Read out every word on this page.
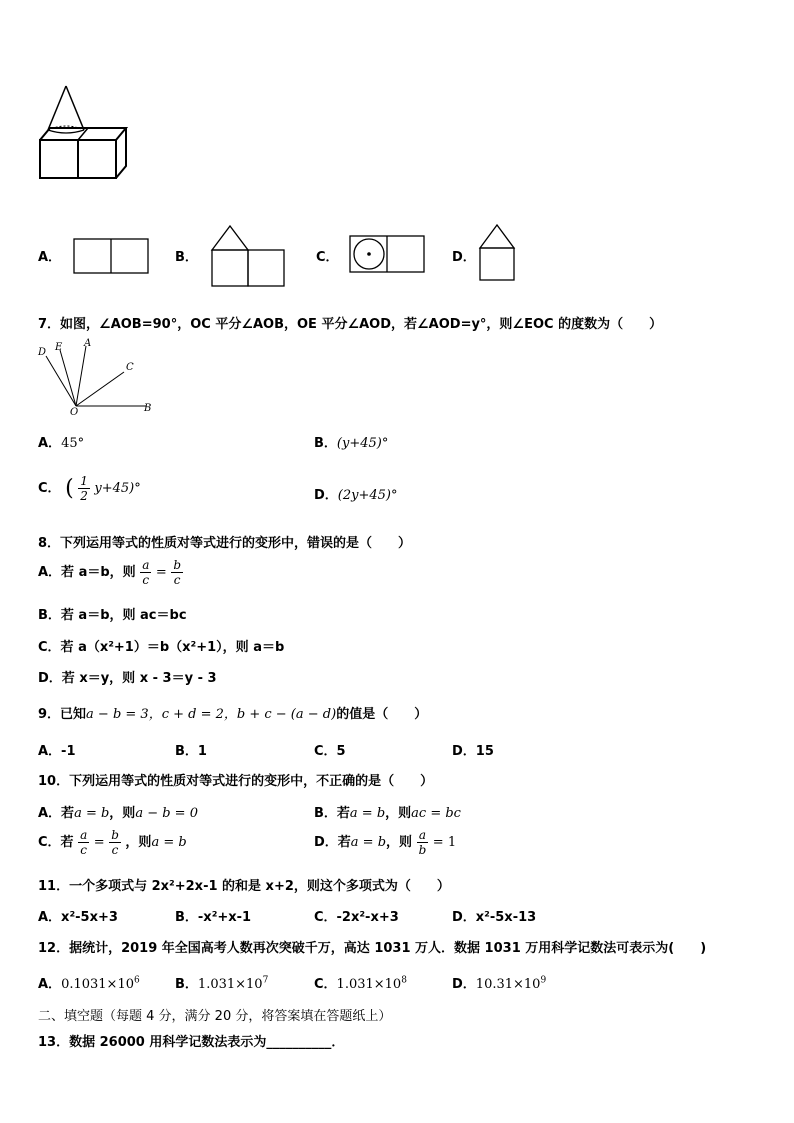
A．	B．	C．	D．
7．如图，∠AOB=90°，OC 平分∠AOB，OE 平分∠AOD，若∠AOD=y°，则∠EOC 的度数为（　　）
D E A
C
O	B
A．45°	B．(y+45)°
C． ( $\frac{1}{2} y+45)^\circ$	D．(2y+45)°
8．下列运用等式的性质对等式进行的变形中，错误的是（　　）
A．若 a＝b，则 $\frac{a}{c} = \frac{b}{c}$
B．若 a＝b，则 ac＝bc
C．若 a（x²+1）＝b（x²+1），则 a＝b
D．若 x＝y，则 x - 3＝y - 3
9．已知a − b = 3，c + d = 2，b + c − (a − d)的值是（　　）
A．-1	B．1	C．5	D．15
10．下列运用等式的性质对等式进行的变形中，不正确的是（　　）
A．若a = b，则a − b = 0	B．若a = b，则ac = bc
C．若 $\frac{a}{c} = \frac{b}{c}$ ，则a = b	D．若a = b，则 $\frac{a}{b} = 1$
11．一个多项式与 2x²+2x-1 的和是 x+2，则这个多项式为（　　）
A．x²-5x+3	B．-x²+x-1	C．-2x²-x+3	D．x²-5x-13
12．据统计，2019 年全国高考人数再次突破千万，高达 1031 万人．数据 1031 万用科学记数法可表示为(　　)
A．$0.1031\times 10^6$	B．$1.031\times 10^7$	C．$1.031\times 10^8$	D．$10.31\times 10^9$
二、填空题（每题 4 分，满分 20 分，将答案填在答题纸上）
13．数据 26000 用科学记数法表示为__________．
